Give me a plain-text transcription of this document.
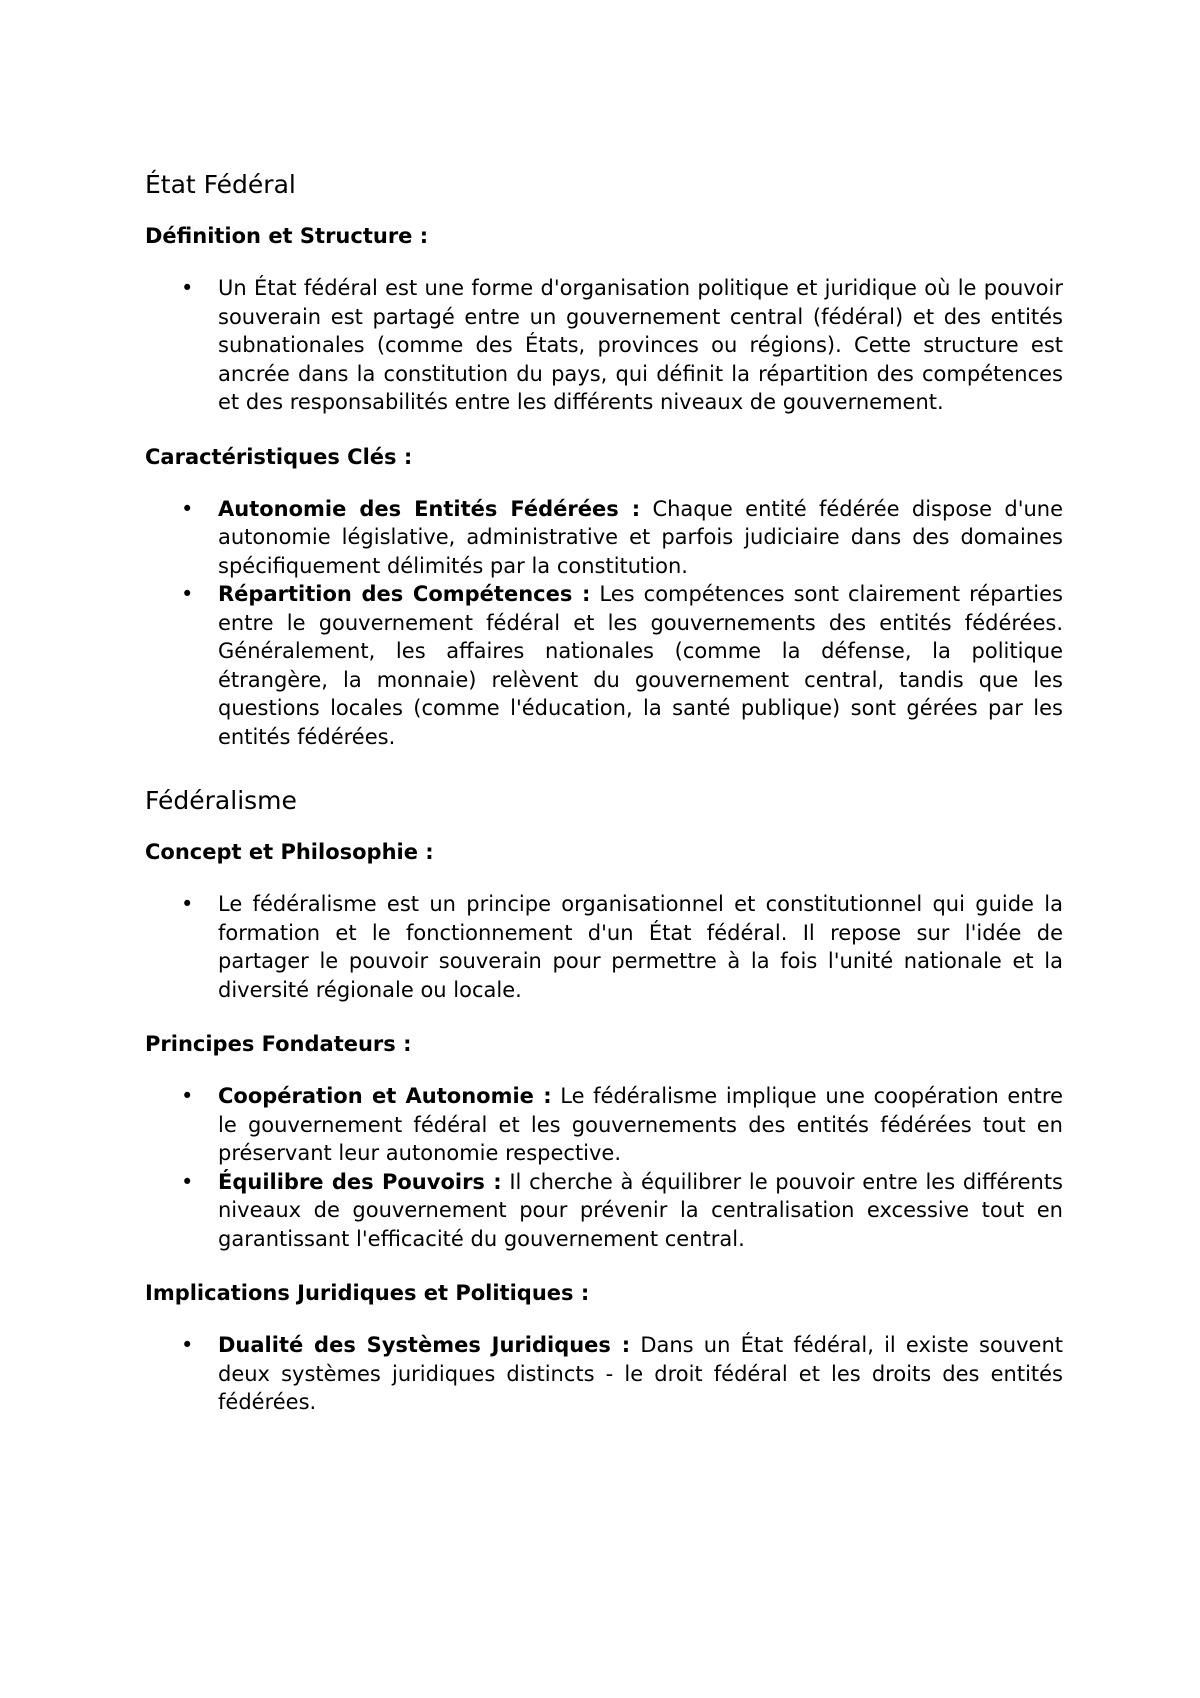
État Fédéral
Définition et Structure :
• Un État fédéral est une forme d'organisation politique et juridique où le pouvoir souverain est partagé entre un gouvernement central (fédéral) et des entités subnationales (comme des États, provinces ou régions). Cette structure est ancrée dans la constitution du pays, qui définit la répartition des compétences et des responsabilités entre les différents niveaux de gouvernement.
Caractéristiques Clés :
• Autonomie des Entités Fédérées : Chaque entité fédérée dispose d'une autonomie législative, administrative et parfois judiciaire dans des domaines spécifiquement délimités par la constitution.
• Répartition des Compétences : Les compétences sont clairement réparties entre le gouvernement fédéral et les gouvernements des entités fédérées. Généralement, les affaires nationales (comme la défense, la politique étrangère, la monnaie) relèvent du gouvernement central, tandis que les questions locales (comme l'éducation, la santé publique) sont gérées par les entités fédérées.
Fédéralisme
Concept et Philosophie :
• Le fédéralisme est un principe organisationnel et constitutionnel qui guide la formation et le fonctionnement d'un État fédéral. Il repose sur l'idée de partager le pouvoir souverain pour permettre à la fois l'unité nationale et la diversité régionale ou locale.
Principes Fondateurs :
• Coopération et Autonomie : Le fédéralisme implique une coopération entre le gouvernement fédéral et les gouvernements des entités fédérées tout en préservant leur autonomie respective.
• Équilibre des Pouvoirs : Il cherche à équilibrer le pouvoir entre les différents niveaux de gouvernement pour prévenir la centralisation excessive tout en garantissant l'efficacité du gouvernement central.
Implications Juridiques et Politiques :
• Dualité des Systèmes Juridiques : Dans un État fédéral, il existe souvent deux systèmes juridiques distincts - le droit fédéral et les droits des entités fédérées.
